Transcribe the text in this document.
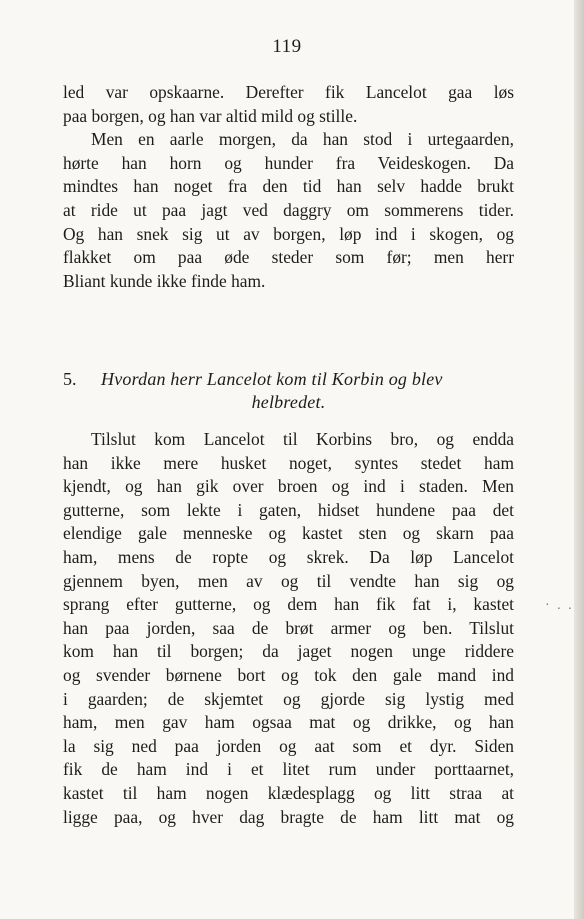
119

led var opskaarne. Derefter fik Lancelot gaa løs

paa borgen, og han var altid mild og stille.

Men en aarle morgen, da han stod i urtegaarden,

hørte han horn og hunder fra Veideskogen. Da

mindtes han noget fra den tid han selv hadde brukt

at ride ut paa jagt ved daggry om sommerens tider.

Og han snek sig ut av borgen, løp ind i skogen, og

flakket om paa øde steder som før; men herr

Bliant kunde ikke finde ham.

5.	Hvordan herr Lancelot kom til Korbin og blev
helbredet.

Tilslut kom Lancelot til Korbins bro, og endda

han ikke mere husket noget, syntes stedet ham

kjendt, og han gik over broen og ind i staden. Men

gutterne, som lekte i gaten, hidset hundene paa det

elendige gale menneske og kastet sten og skarn paa

ham, mens de ropte og skrek. Da løp Lancelot

gjennem byen, men av og til vendte han sig og

sprang efter gutterne, og dem han fik fat i, kastet

han paa jorden, saa de brøt armer og ben. Tilslut

kom han til borgen; da jaget nogen unge riddere

og svender børnene bort og tok den gale mand ind

i gaarden; de skjemtet og gjorde sig lystig med

ham, men gav ham ogsaa mat og drikke, og han

la sig ned paa jorden og aat som et dyr. Siden

fik de ham ind i et litet rum under porttaarnet,

kastet til ham nogen klædesplagg og litt straa at

ligge paa, og hver dag bragte de ham litt mat og

· . .
